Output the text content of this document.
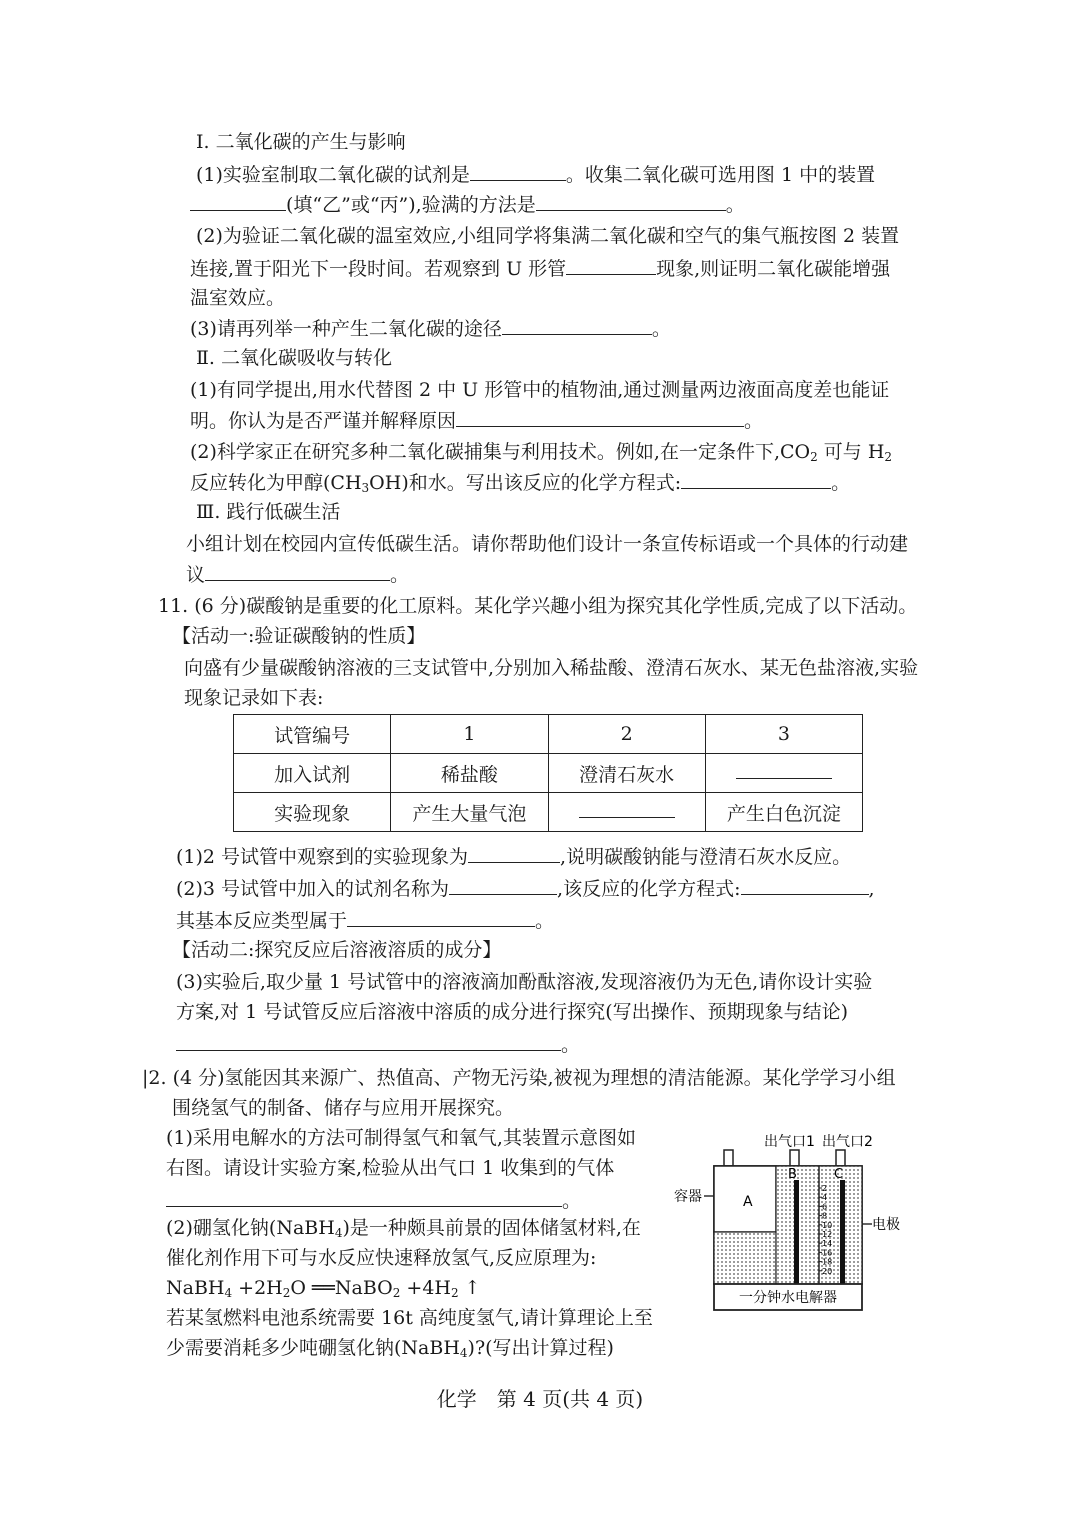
Ⅰ. 二氧化碳的产生与影响
(1)实验室制取二氧化碳的试剂是	。收集二氧化碳可选用图 1 中的装置
(填“乙”或“丙”),验满的方法是	。
(2)为验证二氧化碳的温室效应,小组同学将集满二氧化碳和空气的集气瓶按图 2 装置
连接,置于阳光下一段时间。若观察到 U 形管	现象,则证明二氧化碳能增强
温室效应。
(3)请再列举一种产生二氧化碳的途径	。
Ⅱ. 二氧化碳吸收与转化
(1)有同学提出,用水代替图 2 中 U 形管中的植物油,通过测量两边液面高度差也能证
明。你认为是否严谨并解释原因	。
(2)科学家正在研究多种二氧化碳捕集与利用技术。例如,在一定条件下$,CO_2$ 可与 $H_2$
反应转化为甲醇$(CH_3OH)$和水。写出该反应的化学方程式:	。
Ⅲ. 践行低碳生活
小组计划在校园内宣传低碳生活。请你帮助他们设计一条宣传标语或一个具体的行动建
议	。
11. (6 分)碳酸钠是重要的化工原料。某化学兴趣小组为探究其化学性质,完成了以下活动。
【活动一:验证碳酸钠的性质】
向盛有少量碳酸钠溶液的三支试管中,分别加入稀盐酸、澄清石灰水、某无色盐溶液,实验
现象记录如下表:
试管编号	1	2	3
加入试剂	稀盐酸	澄清石灰水	
实验现象	产生大量气泡		产生白色沉淀
(1)2 号试管中观察到的实验现象为	,说明碳酸钠能与澄清石灰水反应。
(2)3 号试管中加入的试剂名称为	,该反应的化学方程式:	,
其基本反应类型属于	。
【活动二:探究反应后溶液溶质的成分】
(3)实验后,取少量 1 号试管中的溶液滴加酚酞溶液,发现溶液仍为无色,请你设计实验
方案,对 1 号试管反应后溶液中溶质的成分进行探究(写出操作、预期现象与结论)
。
|2. (4 分)氢能因其来源广、热值高、产物无污染,被视为理想的清洁能源。某化学学习小组
围绕氢气的制备、储存与应用开展探究。
(1)采用电解水的方法可制得氢气和氧气,其装置示意图如
右图。请设计实验方案,检验从出气口 1 收集到的气体
。
(2)硼氢化钠(NaBH$_4$)是一种颇具前景的固体储氢材料,在
催化剂作用下可与水反应快速释放氢气,反应原理为:
NaBH$_4$ $+2H_2O$ ══NaBO$_2$ $+4H_2$ ↑
若某氢燃料电池系统需要 16t 高纯度氢气,请计算理论上至
少需要消耗多少吨硼氢化钠(NaBH$_4$)?(写出计算过程)
出气口1 出气口2
A
B	C
2
4
6
8
10
12
14
16
18
20
容器
电极
一分钟水电解器
化学　第 4 页(共 4 页)
